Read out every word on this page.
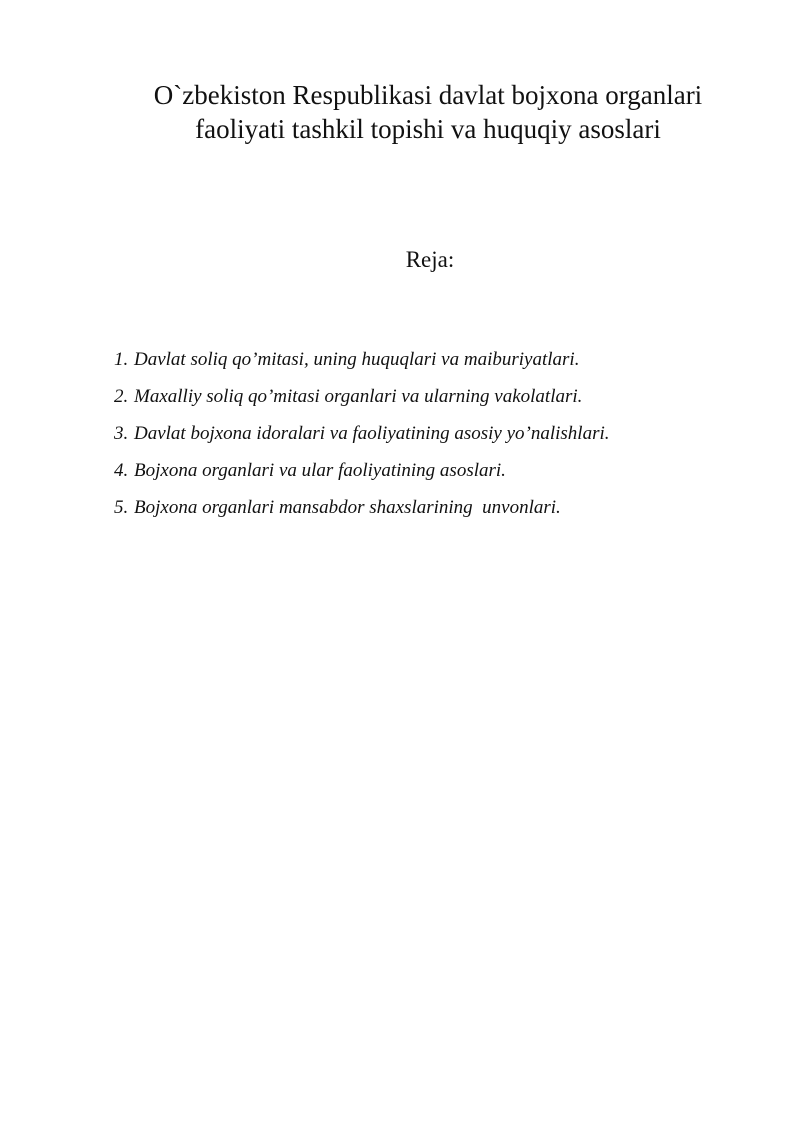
O`zbekiston Respublikasi davlat bojxona organlari
faoliyati tashkil topishi va huquqiy asoslari
Reja:
1. Davlat soliq qo’mitasi, uning huquqlari va maiburiyatlari.
2. Maxalliy soliq qo’mitasi organlari va ularning vakolatlari.
3. Davlat bojxona idoralari va faoliyatining asosiy yo’nalishlari.
4. Bojxona organlari va ular faoliyatining asoslari.
5. Bojxona organlari mansabdor shaxslarining  unvonlari.
